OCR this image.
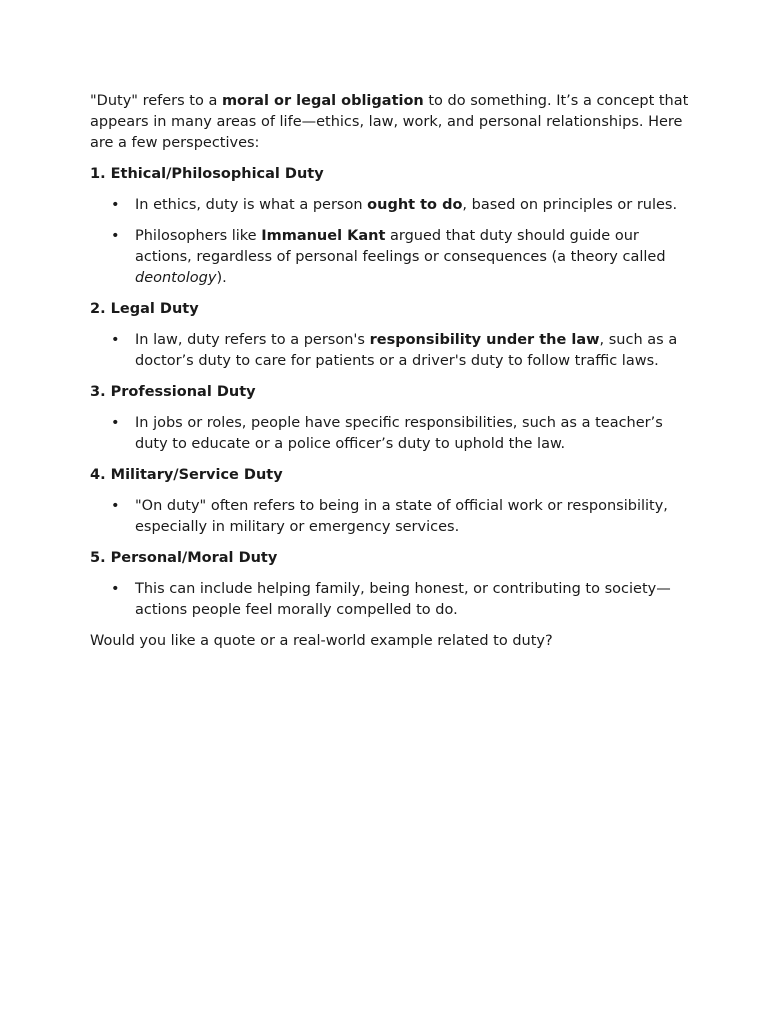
"Duty" refers to a moral or legal obligation to do something. It’s a concept that appears in many areas of life—ethics, law, work, and personal relationships. Here are a few perspectives:

1. Ethical/Philosophical Duty

• In ethics, duty is what a person ought to do, based on principles or rules.
• Philosophers like Immanuel Kant argued that duty should guide our actions, regardless of personal feelings or consequences (a theory called deontology).

2. Legal Duty

• In law, duty refers to a person's responsibility under the law, such as a doctor’s duty to care for patients or a driver's duty to follow traffic laws.

3. Professional Duty

• In jobs or roles, people have specific responsibilities, such as a teacher’s duty to educate or a police officer’s duty to uphold the law.

4. Military/Service Duty

• "On duty" often refers to being in a state of official work or responsibility, especially in military or emergency services.

5. Personal/Moral Duty

• This can include helping family, being honest, or contributing to society—actions people feel morally compelled to do.

Would you like a quote or a real-world example related to duty?
